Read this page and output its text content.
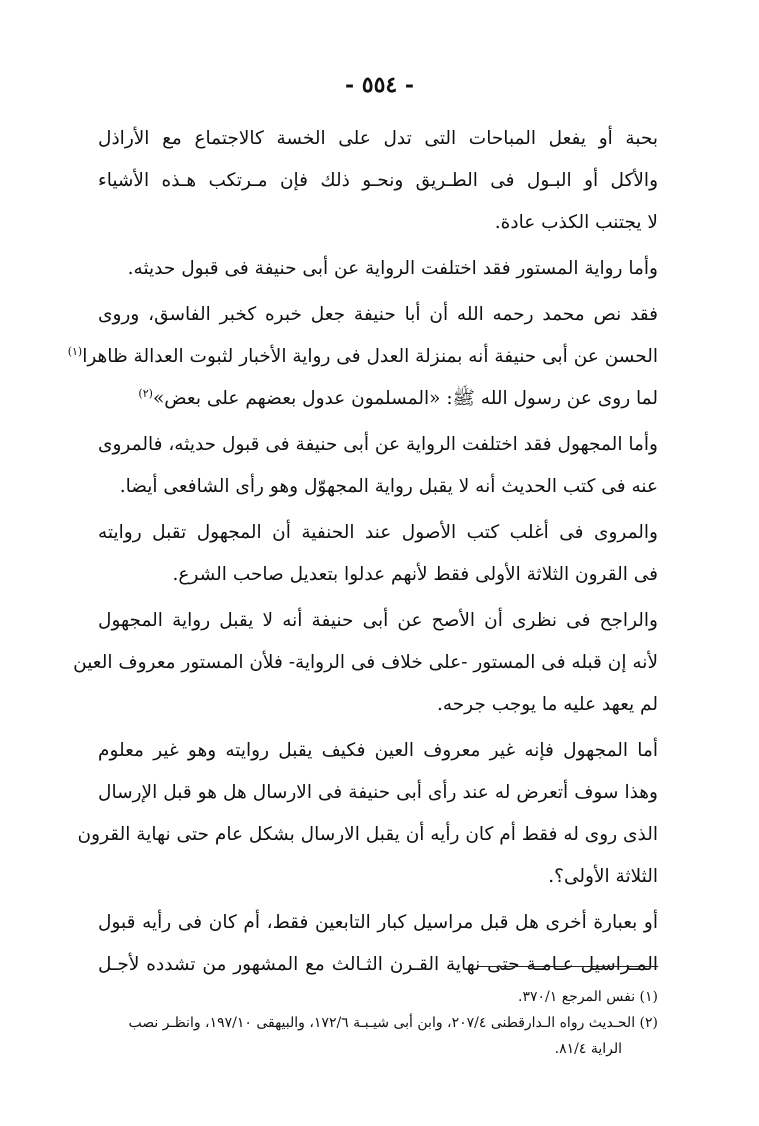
- ٥٥٤ -
بحبة أو يفعل المباحات التى تدل على الخسة كالاجتماع مع الأراذل
والأكل أو البـول فى الطـريق ونحـو ذلك فإن مـرتكب هـذه الأشياء
لا يجتنب الكذب عادة.
وأما رواية المستور فقد اختلفت الرواية عن أبى حنيفة فى قبول حديثه.
فقد نص محمد رحمه الله أن أبا حنيفة جعل خبره كخبر الفاسق، وروى
الحسن عن أبى حنيفة أنه بمنزلة العدل فى رواية الأخبار لثبوت العدالة ظاهرا$^{(١)}$
لما روى عن رسول الله ﷺ: «المسلمون عدول بعضهم على بعض»$^{(٢)}$
وأما المجهول فقد اختلفت الرواية عن أبى حنيفة فى قبول حديثه، فالمروى
عنه فى كتب الحديث أنه لا يقبل رواية المجهوّل وهو رأى الشافعى أيضا.
والمروى فى أغلب كتب الأصول عند الحنفية أن المجهول تقبل روايته
فى القرون الثلاثة الأولى فقط لأنهم عدلوا بتعديل صاحب الشرع.
والراجح فى نظرى أن الأصح عن أبى حنيفة أنه لا يقبل رواية المجهول
لأنه إن قبله فى المستور -على خلاف فى الرواية- فلأن المستور معروف العين
لم يعهد عليه ما يوجب جرحه.
أما المجهول فإنه غير معروف العين فكيف يقبل روايته وهو غير معلوم
وهذا سوف أتعرض له عند رأى أبى حنيفة فى الارسال هل هو قبل الإرسال
الذى روى له فقط أم كان رأيه أن يقبل الارسال بشكل عام حتى نهاية القرون
الثلاثة الأولى؟.
أو بعبارة أخرى هل قبل مراسيل كبار التابعين فقط، أم كان فى رأيه قبول
المـراسيل عـامـة حتى نهاية القـرن الثـالث مع المشهور من تشدده لأجـل
(١) نفس المرجع ٣٧٠/١.
(٢) الحـديث رواه الـدارقطنى ٢٠٧/٤، وابن أبى شيـبـة ١٧٢/٦، والبيهقى ١٩٧/١٠، وانظـر نصب
الراية ٨١/٤.
